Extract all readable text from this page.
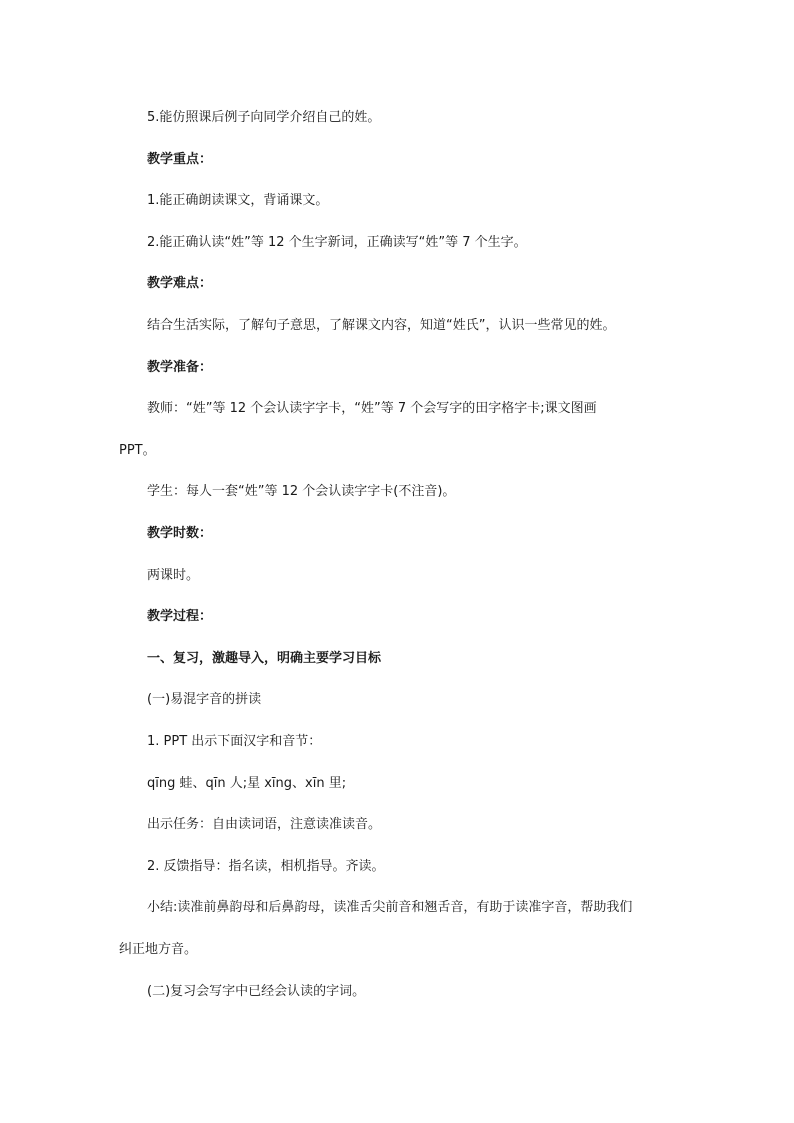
5.能仿照课后例子向同学介绍自己的姓。
教学重点：
1.能正确朗读课文，背诵课文。
2.能正确认读“姓”等 12 个生字新词，正确读写“姓”等 7 个生字。
教学难点：
结合生活实际，了解句子意思，了解课文内容，知道“姓氏”，认识一些常见的姓。
教学准备：
教师：“姓”等 12 个会认读字字卡，“姓”等 7 个会写字的田字格字卡;课文图画
PPT。
学生：每人一套“姓”等 12 个会认读字字卡(不注音)。
教学时数：
两课时。
教学过程：
一、复习，激趣导入，明确主要学习目标
(一)易混字音的拼读
1. PPT 出示下面汉字和音节：
qīng 蛙、qīn 人;星 xīng、xīn 里;
出示任务：自由读词语，注意读准读音。
2. 反馈指导：指名读，相机指导。齐读。
小结:读准前鼻韵母和后鼻韵母，读准舌尖前音和翘舌音，有助于读准字音，帮助我们
纠正地方音。
(二)复习会写字中已经会认读的字词。
